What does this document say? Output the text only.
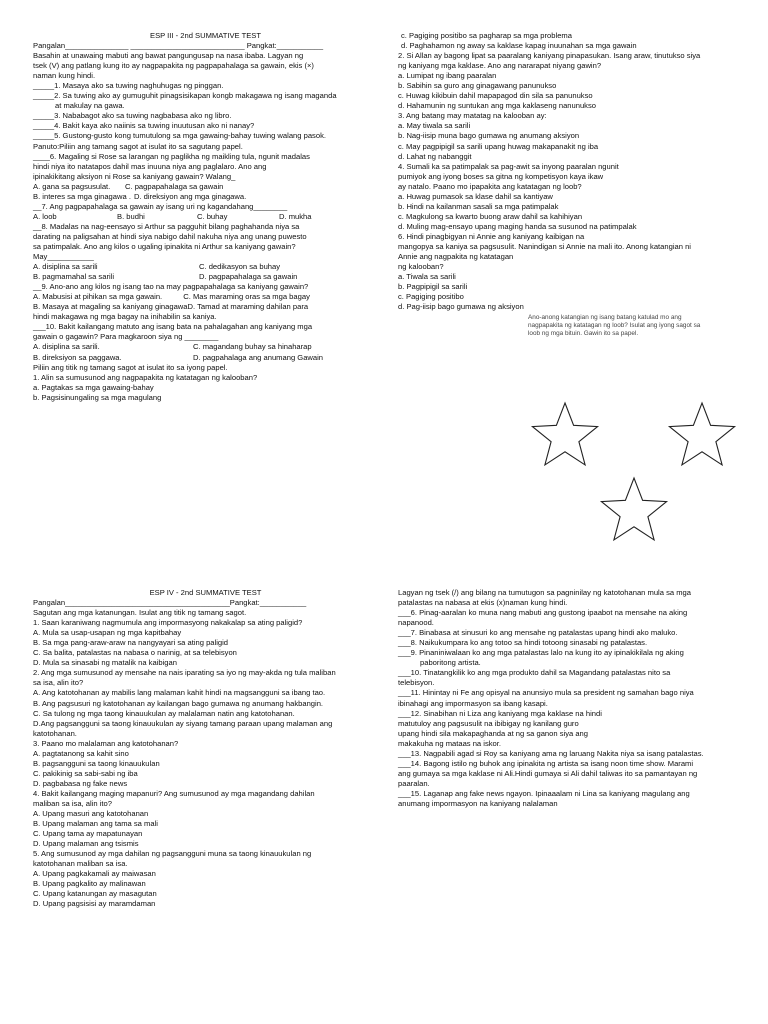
ESP III - 2nd SUMMATIVE TEST

Pangalan_______________ ___________________________ Pangkat:___________

Basahin at unawaing mabuti ang bawat pangungusap na nasa ibaba. Lagyan ng

tsek (V) ang patlang kung ito ay nagpapakita ng pagpapahalaga sa gawain, ekis (×)

naman kung hindi.

_____1. Masaya ako sa tuwing naghuhugas ng pinggan.

_____2. Sa tuwing ako ay gumuguhit pinagsisikapan kongb makagawa ng isang maganda

at makulay na gawa.

_____3. Nababagot ako sa tuwing nagbabasa ako ng libro.

_____4. Bakit kaya ako naiinis sa tuwing inuutusan ako ni nanay?

_____5. Gustong-gusto kong tumutulong sa mga gawaing-bahay tuwing walang pasok.

Panuto:Piliin ang tamang sagot at isulat ito sa sagutang papel.

____6. Magaling si Rose sa larangan ng paglikha ng maikling tula, ngunit madalas

hindi niya ito natatapos dahil mas inuuna niya ang paglalaro. Ano ang

ipinakikitang aksiyon ni Rose sa kaniyang gawain? Walang_

A. gana sa pagsusulat.	C. pagpapahalaga sa gawain
B. interes sa mga ginagawa . D. direksiyon ang mga ginagawa.

__7. Ang pagpapahalaga sa gawain ay isang uri ng kagandahang________

A. loob	B. budhi	C. buhay	D. mukha

__8. Madalas na nag-eensayo si Arthur sa pagguhit bilang paghahanda niya sa

darating na paligsahan at hindi siya nabigo dahil nakuha niya ang unang puwesto

sa patimpalak. Ano ang kilos o ugaling ipinakita ni Arthur sa kaniyang gawain?

May___________

A. disiplina sa sarili	C. dedikasyon sa buhay
B. pagmamahal sa sarili	D. pagpapahalaga sa gawain

__9. Ano-ano ang kilos ng isang tao na may pagpapahalaga sa kaniyang gawain?

A. Mabusisi at pihikan sa mga gawain.          C. Mas maraming oras sa mga bagay

B. Masaya at magaling sa kaniyang ginagawaD. Tamad at maraming dahilan para

hindi makagawa ng mga bagay na inihabilin sa kaniya.

___10. Bakit kailangang matuto ang isang bata na pahalagahan ang kaniyang mga

gawain o gagawin? Para magkaroon siya ng ________

A. disiplina sa sarili.	C. magandang buhay sa hinaharap
B. direksiyon sa paggawa.	D. pagpahalaga ang anumang Gawain

Piliin ang titik ng tamang sagot at isulat ito sa iyong papel.

1. Alin sa sumusunod ang nagpapakita ng katatagan ng kalooban?

a. Pagtakas sa mga gawaing-bahay

b. Pagsisinungaling sa mga magulang

c. Pagiging positibo sa pagharap sa mga problema

d. Paghahamon ng away sa kaklase kapag inuunahan sa mga gawain

2. Si Allan ay bagong lipat sa paaralang kaniyang pinapasukan. Isang araw, tinutukso siya

ng kaniyang mga kaklase. Ano ang nararapat niyang gawin?

a. Lumipat ng ibang paaralan

b. Sabihin sa guro ang ginagawang panunukso

c. Huwag kikibuin dahil mapapagod din sila sa panunukso

d. Hahamunin ng suntukan ang mga kaklaseng nanunukso

3. Ang batang may matatag na kalooban ay:

a. May tiwala sa sarili

b. Nag-iisip muna bago gumawa ng anumang aksiyon

c. May pagpipigil sa sarili upang huwag makapanakit ng iba

d. Lahat ng nabanggit

4. Sumali ka sa patimpalak sa pag-awit sa inyong paaralan ngunit

pumiyok ang iyong boses sa gitna ng kompetisyon kaya ikaw

ay natalo. Paano mo ipapakita ang katatagan ng loob?

a. Huwag pumasok sa klase dahil sa kantiyaw

b. Hindi na kailanman sasali sa mga patimpalak

c. Magkulong sa kwarto buong araw dahil sa kahihiyan

d. Muling mag-ensayo upang maging handa sa susunod na patimpalak

6. Hindi pinagbigyan ni Annie ang kaniyang kaibigan na

mangopya sa kaniya sa pagsusulit. Nanindigan si Annie na mali ito. Anong katangian ni

Annie ang nagpakita ng katatagan

ng kalooban?

a. Tiwala sa sarili

b. Pagpipigil sa sarili

c. Pagiging positibo

d. Pag-iisip bago gumawa ng aksiyon

Ano-anong katangian ng isang batang katulad mo ang

nagpapakita ng katatagan ng loob? Isulat ang iyong sagot sa

loob ng mga bituin. Gawin ito sa papel.

ESP IV - 2nd SUMMATIVE TEST

Pangalan_______________________________________Pangkat:___________

Sagutan ang mga katanungan. Isulat ang titik ng tamang sagot.

1. Saan karaniwang nagmumula ang impormasyong nakakalap sa ating paligid?

A. Mula sa usap-usapan ng mga kapitbahay

B. Sa mga pang-araw-araw na nangyayari sa ating paligid

C. Sa balita, patalastas na nabasa o narinig, at sa telebisyon

D. Mula sa sinasabi ng matalik na kaibigan

2. Ang mga sumusunod ay mensahe na nais iparating sa iyo ng may-akda ng tula maliban

sa isa, alin ito?

A. Ang katotohanan ay mabilis lang malaman kahit hindi na magsangguni sa ibang tao.

B. Ang pagsusuri ng katotohanan ay kailangan bago gumawa ng anumang hakbangin.

C. Sa tulong ng mga taong kinauukulan ay malalaman natin ang katotohanan.

D.Ang pagsangguni sa taong kinauukulan ay siyang tamang paraan upang malaman ang

katotohanan.

3. Paano mo malalaman ang katotohanan?

A. pagtatanong sa kahit sino

B. pagsangguni sa taong kinauukulan

C. pakikinig sa sabi-sabi ng iba

D. pagbabasa ng fake news

4. Bakit kailangang maging mapanuri? Ang sumusunod ay mga magandang dahilan

maliban sa isa, alin ito?

A. Upang masuri ang katotohanan

B. Upang malaman ang tama sa mali

C. Upang tama ay mapatunayan

D. Upang malaman ang tsismis

5. Ang sumusunod ay mga dahilan ng pagsangguni muna sa taong kinauukulan ng

katotohanan maliban sa isa.

A. Upang pagkakamali ay maiwasan

B. Upang pagkalito ay malinawan

C. Upang katanungan ay masagutan

D. Upang pagsisisi ay maramdaman

Lagyan ng tsek (/) ang bilang na tumutugon sa pagninilay ng katotohanan mula sa mga

patalastas na nabasa at ekis (x)naman kung hindi.

___6. Pinag-aaralan ko muna nang mabuti ang gustong ipaabot na mensahe na aking

napanood.

___7. Binabasa at sinusuri ko ang mensahe ng patalastas upang hindi ako maluko.

___8. Naikukumpara ko ang totoo sa hindi totoong sinasabi ng patalastas.

___9. Pinaniniwalaan ko ang mga patalastas lalo na kung ito ay ipinakikilala ng aking

paboritong artista.

___10. Tinatangkilik ko ang mga produkto dahil sa Magandang patalastas nito sa

telebisyon.

___11. Hinintay ni Fe ang opisyal na anunsiyo mula sa president ng samahan bago niya

ibinahagi ang impormasyon sa ibang kasapi.

___12. Sinabihan ni Liza ang kaniyang mga kaklase na hindi

matutuloy ang pagsusulit na ibibigay ng kanilang guro

upang hindi sila makapaghanda at ng sa ganon siya ang

makakuha ng mataas na iskor.

___13. Nagpabili agad si Roy sa kaniyang ama ng laruang Nakita niya sa isang patalastas.

___14. Bagong istilo ng buhok ang ipinakita ng artista sa isang noon time show. Marami

ang gumaya sa mga kaklase ni Ali.Hindi gumaya si Ali dahil taliwas ito sa pamantayan ng

paaralan.

___15. Laganap ang fake news ngayon. Ipinaaalam ni Lina sa kaniyang magulang ang

anumang impormasyon na kaniyang nalalaman
